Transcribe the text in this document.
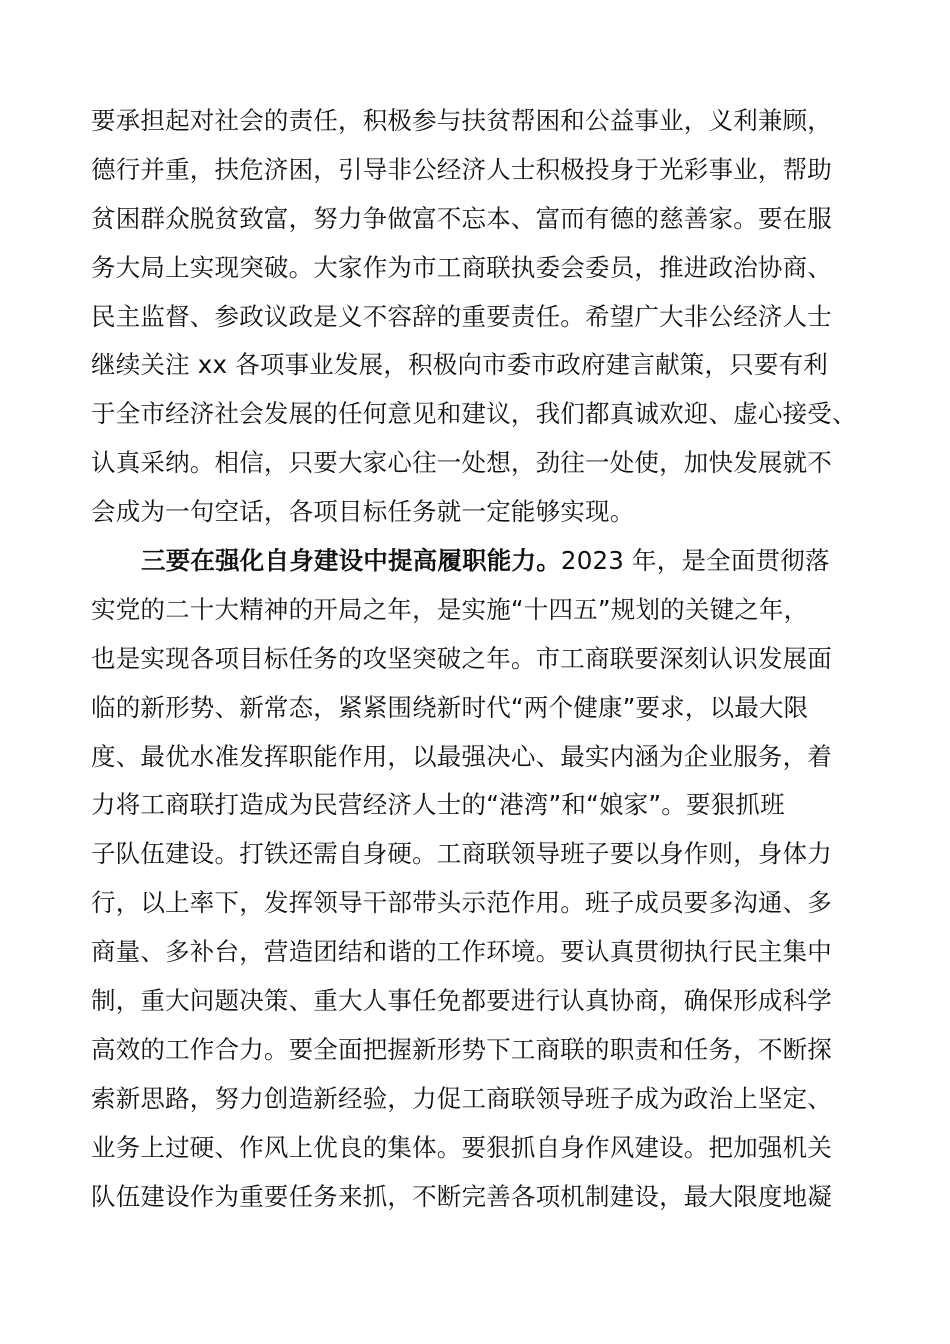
要承担起对社会的责任，积极参与扶贫帮困和公益事业，义利兼顾，
德行并重，扶危济困，引导非公经济人士积极投身于光彩事业，帮助
贫困群众脱贫致富，努力争做富不忘本、富而有德的慈善家。要在服
务大局上实现突破。大家作为市工商联执委会委员，推进政治协商、
民主监督、参政议政是义不容辞的重要责任。希望广大非公经济人士
继续关注 xx 各项事业发展，积极向市委市政府建言献策，只要有利
于全市经济社会发展的任何意见和建议，我们都真诚欢迎、虚心接受、
认真采纳。相信，只要大家心往一处想，劲往一处使，加快发展就不
会成为一句空话，各项目标任务就一定能够实现。
三要在强化自身建设中提高履职能力。2023 年，是全面贯彻落
实党的二十大精神的开局之年，是实施“十四五”规划的关键之年，
也是实现各项目标任务的攻坚突破之年。市工商联要深刻认识发展面
临的新形势、新常态，紧紧围绕新时代“两个健康”要求，以最大限
度、最优水准发挥职能作用，以最强决心、最实内涵为企业服务，着
力将工商联打造成为民营经济人士的“港湾”和“娘家”。要狠抓班
子队伍建设。打铁还需自身硬。工商联领导班子要以身作则，身体力
行，以上率下，发挥领导干部带头示范作用。班子成员要多沟通、多
商量、多补台，营造团结和谐的工作环境。要认真贯彻执行民主集中
制，重大问题决策、重大人事任免都要进行认真协商，确保形成科学
高效的工作合力。要全面把握新形势下工商联的职责和任务，不断探
索新思路，努力创造新经验，力促工商联领导班子成为政治上坚定、
业务上过硬、作风上优良的集体。要狠抓自身作风建设。把加强机关
队伍建设作为重要任务来抓，不断完善各项机制建设，最大限度地凝
